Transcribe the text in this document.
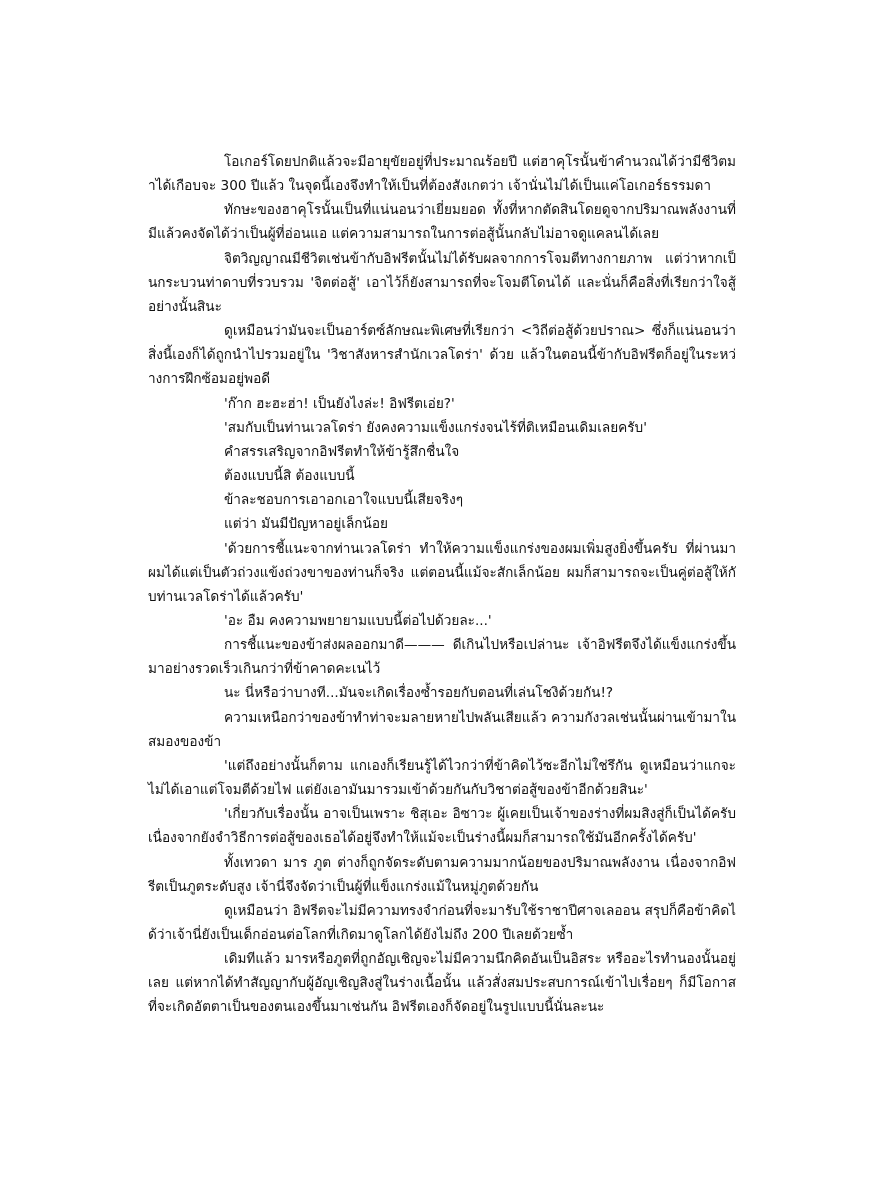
โอเกอร์โดยปกติแล้วจะมีอายุขัยอยู่ที่ประมาณร้อยปี แต่ฮาคุโรนั้นข้าคำนวณได้ว่ามีชีวิตมาได้เกือบจะ 300 ปีแล้ว ในจุดนี้เองจึงทำให้เป็นที่ต้องสังเกตว่า เจ้านั่นไม่ได้เป็นแค่โอเกอร์ธรรมดา

ทักษะของฮาคุโรนั้นเป็นที่แน่นอนว่าเยี่ยมยอด ทั้งที่หากตัดสินโดยดูจากปริมาณพลังงานที่มีแล้วคงจัดได้ว่าเป็นผู้ที่อ่อนแอ แต่ความสามารถในการต่อสู้นั้นกลับไม่อาจดูแคลนได้เลย

จิตวิญญาณมีชีวิตเช่นข้ากับอิฟรีตนั้นไม่ได้รับผลจากการโจมตีทางกายภาพ แต่ว่าหากเป็นกระบวนท่าดาบที่รวบรวม 'จิตต่อสู้' เอาไว้ก็ยังสามารถที่จะโจมตีโดนได้ และนั่นก็คือสิ่งที่เรียกว่าใจสู้อย่างนั้นสินะ

ดูเหมือนว่ามันจะเป็นอาร์ตซ์ลักษณะพิเศษที่เรียกว่า <วิถีต่อสู้ด้วยปราณ> ซึ่งก็แน่นอนว่าสิ่งนี้เองก็ได้ถูกนำไปรวมอยู่ใน 'วิชาสังหารสำนักเวลโดร่า' ด้วย แล้วในตอนนี้ข้ากับอิฟรีตก็อยู่ในระหว่างการฝึกซ้อมอยู่พอดี

'ก๊าก ฮะฮะฮ่า! เป็นยังไงล่ะ! อิฟรีตเอ่ย?'

'สมกับเป็นท่านเวลโดร่า ยังคงความแข็งแกร่งจนไร้ที่ติเหมือนเดิมเลยครับ'

คำสรรเสริญจากอิฟรีตทำให้ข้ารู้สึกชื่นใจ

ต้องแบบนี้สิ ต้องแบบนี้

ข้าละชอบการเอาอกเอาใจแบบนี้เสียจริงๆ

แต่ว่า มันมีปัญหาอยู่เล็กน้อย

'ด้วยการชี้แนะจากท่านเวลโดร่า ทำให้ความแข็งแกร่งของผมเพิ่มสูงยิ่งขึ้นครับ ที่ผ่านมาผมได้แต่เป็นตัวถ่วงแข้งถ่วงขาของท่านก็จริง แต่ตอนนี้แม้จะสักเล็กน้อย ผมก็สามารถจะเป็นคู่ต่อสู้ให้กับท่านเวลโดร่าได้แล้วครับ'

'อะ อืม คงความพยายามแบบนี้ต่อไปด้วยละ...'

การชี้แนะของข้าส่งผลออกมาดี——— ดีเกินไปหรือเปล่านะ เจ้าอิฟรีตจึงได้แข็งแกร่งขึ้นมาอย่างรวดเร็วเกินกว่าที่ข้าคาดคะเนไว้

นะ นี่หรือว่าบางที...มันจะเกิดเรื่องซ้ำรอยกับตอนที่เล่นโชงิด้วยกัน!?

ความเหนือกว่าของข้าทำท่าจะมลายหายไปพลันเสียแล้ว ความกังวลเช่นนั้นผ่านเข้ามาในสมองของข้า

'แต่ถึงอย่างนั้นก็ตาม แกเองก็เรียนรู้ได้ไวกว่าที่ข้าคิดไว้ซะอีกไม่ใช่รึกัน ดูเหมือนว่าแกจะไม่ได้เอาแต่โจมตีด้วยไฟ แต่ยังเอามันมารวมเข้าด้วยกันกับวิชาต่อสู้ของข้าอีกด้วยสินะ'

'เกี่ยวกับเรื่องนั้น อาจเป็นเพราะ ชิสุเอะ อิซาวะ ผู้เคยเป็นเจ้าของร่างที่ผมสิงสู่ก็เป็นได้ครับ เนื่องจากยังจำวิธีการต่อสู้ของเธอได้อยู่จึงทำให้แม้จะเป็นร่างนี้ผมก็สามารถใช้มันอีกครั้งได้ครับ'

ทั้งเทวดา มาร ภูต ต่างก็ถูกจัดระดับตามความมากน้อยของปริมาณพลังงาน เนื่องจากอิฟรีตเป็นภูตระดับสูง เจ้านี่จึงจัดว่าเป็นผู้ที่แข็งแกร่งแม้ในหมู่ภูตด้วยกัน

ดูเหมือนว่า อิฟรีตจะไม่มีความทรงจำก่อนที่จะมารับใช้ราชาปีศาจเลออน สรุปก็คือข้าคิดได้ว่าเจ้านี่ยังเป็นเด็กอ่อนต่อโลกที่เกิดมาดูโลกได้ยังไม่ถึง 200 ปีเลยด้วยซ้ำ

เดิมทีแล้ว มารหรือภูตที่ถูกอัญเชิญจะไม่มีความนึกคิดอันเป็นอิสระ หรืออะไรทำนองนั้นอยู่เลย แต่หากได้ทำสัญญากับผู้อัญเชิญสิงสู่ในร่างเนื้อนั้น แล้วสั่งสมประสบการณ์เข้าไปเรื่อยๆ ก็มีโอกาสที่จะเกิดอัตตาเป็นของตนเองขึ้นมาเช่นกัน อิฟรีตเองก็จัดอยู่ในรูปแบบนี้นั่นละนะ
